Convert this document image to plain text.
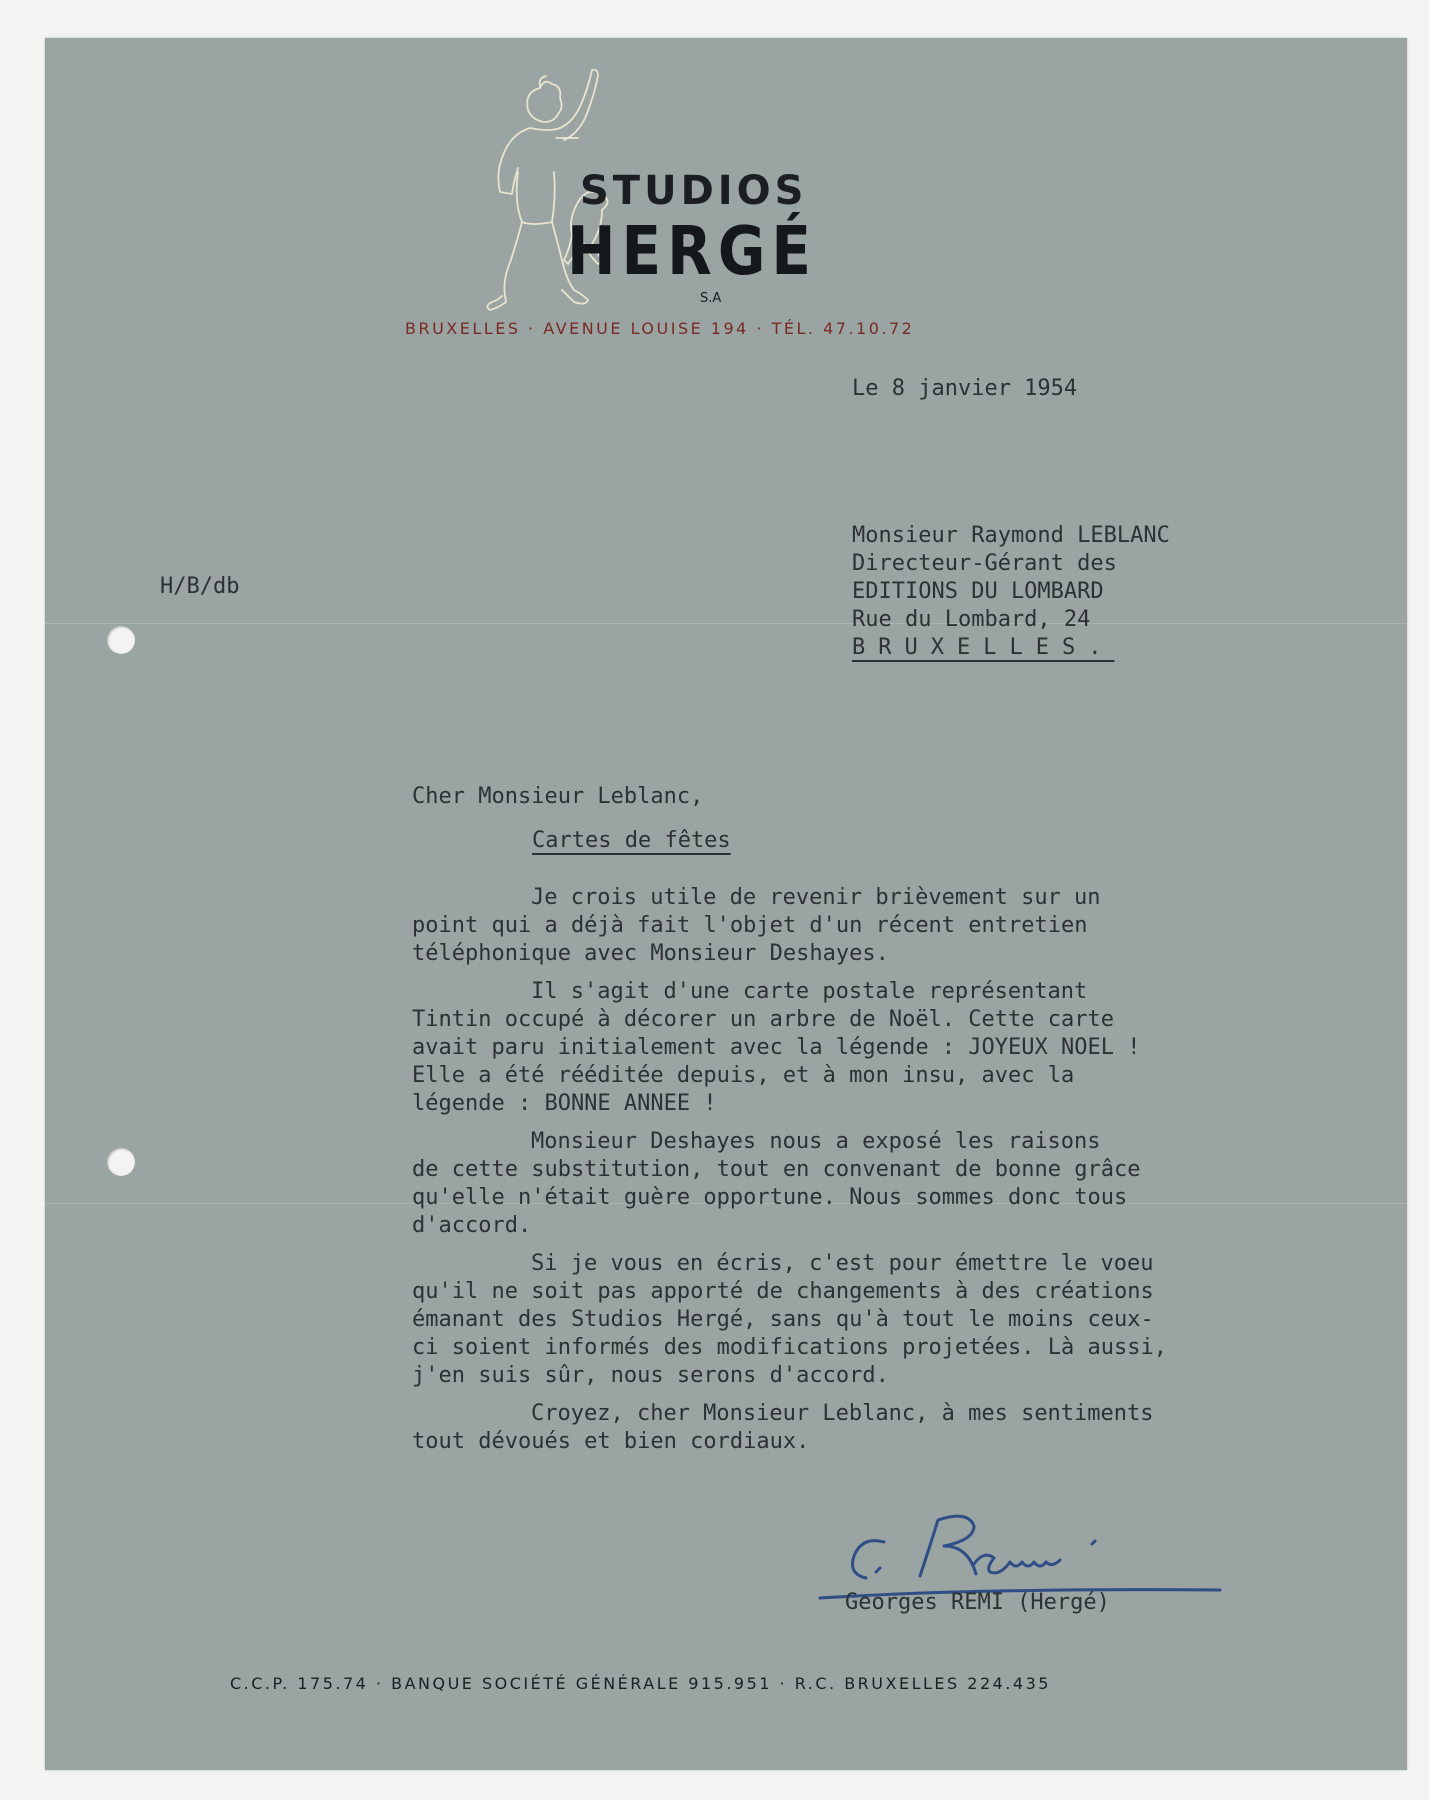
STUDIOS
HERGÉ
S.A
BRUXELLES · AVENUE LOUISE 194 · TÉL. 47.10.72
Le 8 janvier 1954
Monsieur Raymond LEBLANC
Directeur-Gérant des
EDITIONS DU LOMBARD
Rue du Lombard, 24
BRUXELLES.
H/B/db
Cher Monsieur Leblanc,
Cartes de fêtes
Je crois utile de revenir brièvement sur un
point qui a déjà fait l'objet d'un récent entretien
téléphonique avec Monsieur Deshayes.
Il s'agit d'une carte postale représentant
Tintin occupé à décorer un arbre de Noël. Cette carte
avait paru initialement avec la légende : JOYEUX NOEL !
Elle a été rééditée depuis, et à mon insu, avec la
légende : BONNE ANNEE !
Monsieur Deshayes nous a exposé les raisons
de cette substitution, tout en convenant de bonne grâce
qu'elle n'était guère opportune. Nous sommes donc tous
d'accord.
Si je vous en écris, c'est pour émettre le voeu
qu'il ne soit pas apporté de changements à des créations
émanant des Studios Hergé, sans qu'à tout le moins ceux-
ci soient informés des modifications projetées. Là aussi,
j'en suis sûr, nous serons d'accord.
Croyez, cher Monsieur Leblanc, à mes sentiments
tout dévoués et bien cordiaux.
Georges REMI (Hergé)
C.C.P. 175.74 · BANQUE SOCIÉTÉ GÉNÉRALE 915.951 · R.C. BRUXELLES 224.435
